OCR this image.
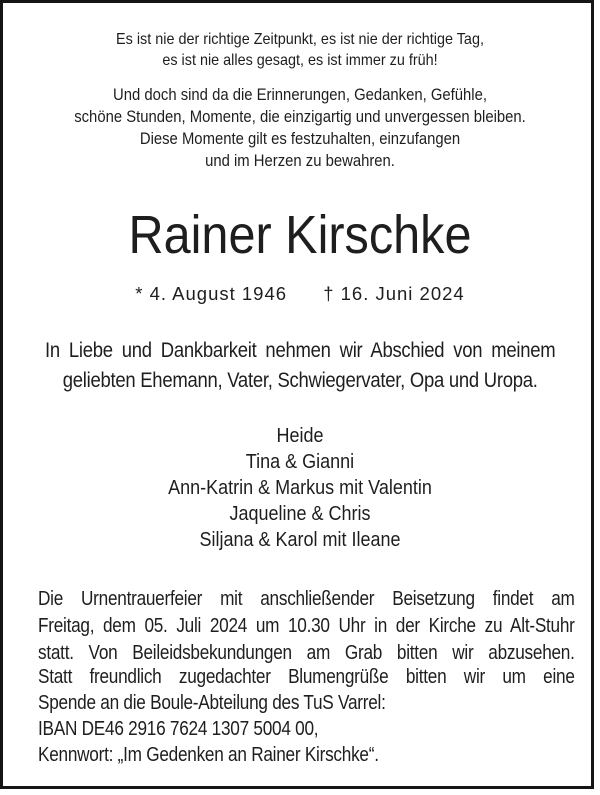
Es ist nie der richtige Zeitpunkt, es ist nie der richtige Tag,
es ist nie alles gesagt, es ist immer zu früh!
Und doch sind da die Erinnerungen, Gedanken, Gefühle,
schöne Stunden, Momente, die einzigartig und unvergessen bleiben.
Diese Momente gilt es festzuhalten, einzufangen
und im Herzen zu bewahren.
Rainer Kirschke
* 4. August 1946 † 16. Juni 2024
In Liebe und Dankbarkeit nehmen wir Abschied von meinem
geliebten Ehemann, Vater, Schwiegervater, Opa und Uropa.
Heide
Tina & Gianni
Ann-Katrin & Markus mit Valentin
Jaqueline & Chris
Siljana & Karol mit Ileane
Die Urnentrauerfeier mit anschließender Beisetzung findet am
Freitag, dem 05. Juli 2024 um 10.30 Uhr in der Kirche zu Alt-Stuhr
statt. Von Beileidsbekundungen am Grab bitten wir abzusehen.
Statt freundlich zugedachter Blumengrüße bitten wir um eine
Spende an die Boule-Abteilung des TuS Varrel:
IBAN DE46 2916 7624 1307 5004 00,
Kennwort: „Im Gedenken an Rainer Kirschke“.
